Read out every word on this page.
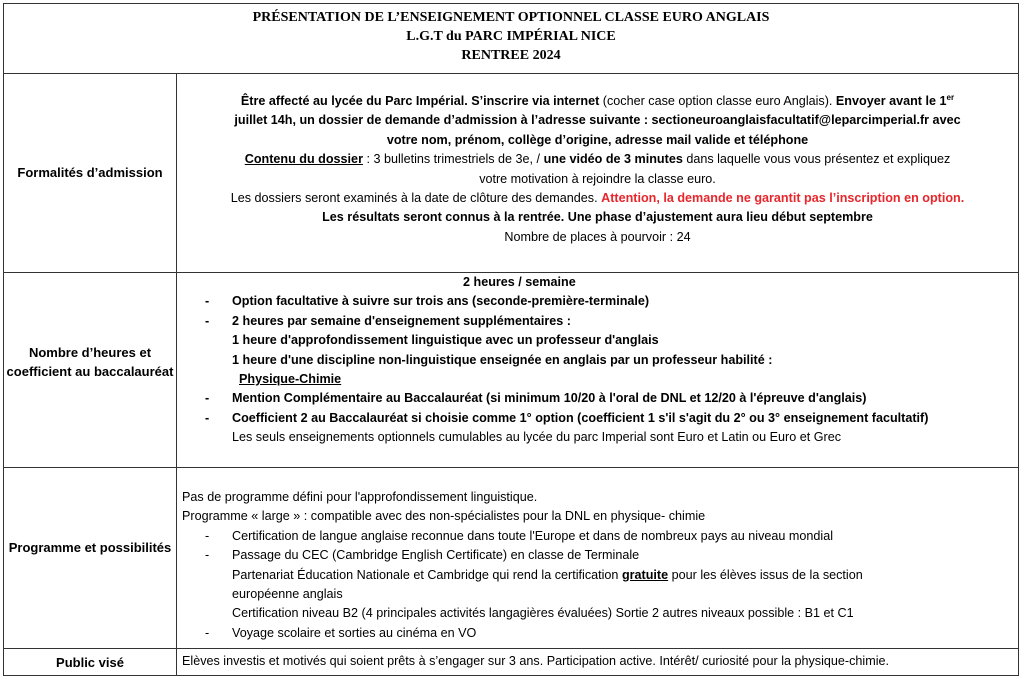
PRÉSENTATION DE L’ENSEIGNEMENT OPTIONNEL CLASSE EURO ANGLAIS
L.G.T du PARC IMPÉRIAL NICE
RENTREE 2024
Formalités d’admission
Être affecté au lycée du Parc Impérial. S’inscrire via internet (cocher case option classe euro Anglais). Envoyer avant le 1er
juillet 14h, un dossier de demande d’admission à l’adresse suivante : sectioneuroanglaisfacultatif@leparcimperial.fr avec
votre nom, prénom, collège d’origine, adresse mail valide et téléphone
Contenu du dossier : 3 bulletins trimestriels de 3e, / une vidéo de 3 minutes dans laquelle vous vous présentez et expliquez
votre motivation à rejoindre la classe euro.
Les dossiers seront examinés à la date de clôture des demandes. Attention, la demande ne garantit pas l’inscription en option.
Les résultats seront connus à la rentrée. Une phase d’ajustement aura lieu début septembre
Nombre de places à pourvoir : 24
Nombre d’heures et coefficient au baccalauréat
2 heures / semaine
- Option facultative à suivre sur trois ans (seconde-première-terminale)
- 2 heures par semaine d'enseignement supplémentaires :
1 heure d'approfondissement linguistique avec un professeur d'anglais
1 heure d'une discipline non-linguistique enseignée en anglais par un professeur habilité :
Physique-Chimie
- Mention Complémentaire au Baccalauréat (si minimum 10/20 à l'oral de DNL et 12/20 à l'épreuve d'anglais)
- Coefficient 2 au Baccalauréat si choisie comme 1° option (coefficient 1 s'il s'agit du 2° ou 3° enseignement facultatif)
Les seuls enseignements optionnels cumulables au lycée du parc Imperial sont Euro et Latin ou Euro et Grec
Programme et possibilités
Pas de programme défini pour l'approfondissement linguistique.
Programme « large » : compatible avec des non-spécialistes pour la DNL en physique- chimie
- Certification de langue anglaise reconnue dans toute l'Europe et dans de nombreux pays au niveau mondial
- Passage du CEC (Cambridge English Certificate) en classe de Terminale
Partenariat Éducation Nationale et Cambridge qui rend la certification gratuite pour les élèves issus de la section
européenne anglais
Certification niveau B2 (4 principales activités langagières évaluées) Sortie 2 autres niveaux possible : B1 et C1
- Voyage scolaire et sorties au cinéma en VO
Public visé	Elèves investis et motivés qui soient prêts à s’engager sur 3 ans. Participation active. Intérêt/ curiosité pour la physique-chimie.
